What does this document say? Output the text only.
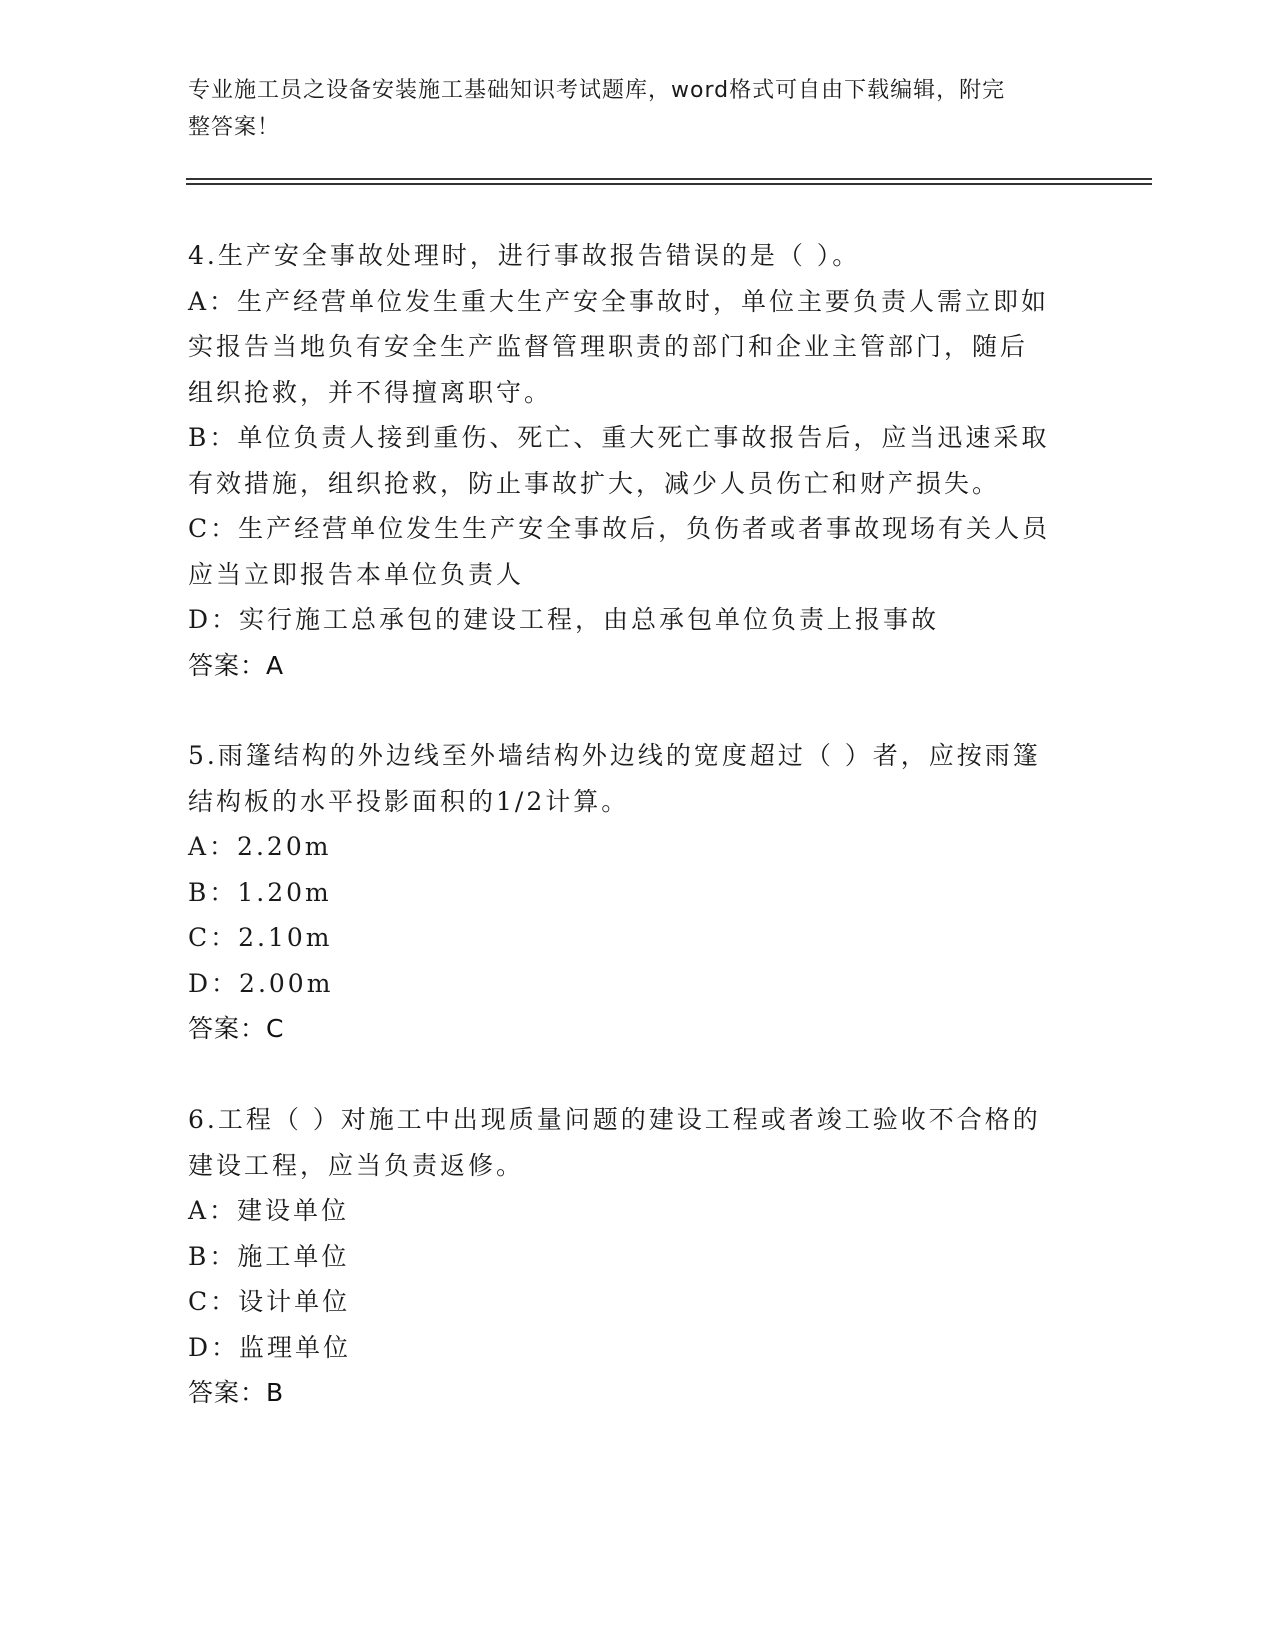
专业施工员之设备安装施工基础知识考试题库，word格式可自由下载编辑，附完
整答案！
4.生产安全事故处理时，进行事故报告错误的是（ ）。
A：生产经营单位发生重大生产安全事故时，单位主要负责人需立即如
实报告当地负有安全生产监督管理职责的部门和企业主管部门，随后
组织抢救，并不得擅离职守。
B：单位负责人接到重伤、死亡、重大死亡事故报告后，应当迅速采取
有效措施，组织抢救，防止事故扩大，减少人员伤亡和财产损失。
C：生产经营单位发生生产安全事故后，负伤者或者事故现场有关人员
应当立即报告本单位负责人
D：实行施工总承包的建设工程，由总承包单位负责上报事故
答案：A
5.雨篷结构的外边线至外墙结构外边线的宽度超过（ ）者，应按雨篷
结构板的水平投影面积的1/2计算。
A：2.20m
B：1.20m
C：2.10m
D：2.00m
答案：C
6.工程（ ）对施工中出现质量问题的建设工程或者竣工验收不合格的
建设工程，应当负责返修。
A：建设单位
B：施工单位
C：设计单位
D：监理单位
答案：B
